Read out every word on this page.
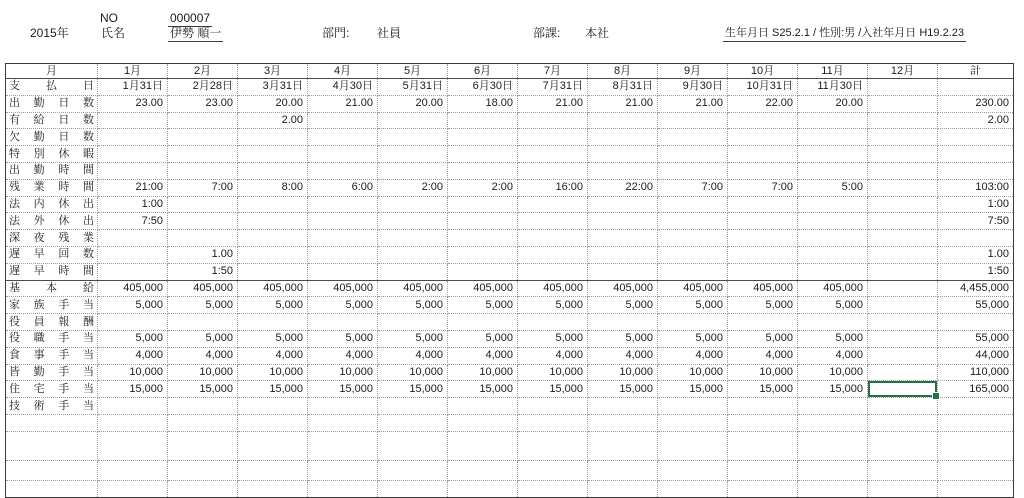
2015年
NO	000007
氏名	伊勢 順一	部門: 社員	部課: 本社	生年月日 S25.2.1 / 性別:男 /入社年月日 H19.2.23
月	1月	2月	3月	4月	5月	6月	7月	8月	9月	10月	11月	12月	計
支 払 日	1月31日	2月28日	3月31日	4月30日	5月31日	6月30日	7月31日	8月31日	9月30日	10月31日	11月30日		
出 勤 日 数	23.00	23.00	20.00	21.00	20.00	18.00	21.00	21.00	21.00	22.00	20.00		230.00
有 給 日 数			2.00										2.00
欠 勤 日 数													
特 別 休 暇													
出 勤 時 間													
残 業 時 間	21:00	7:00	8:00	6:00	2:00	2:00	16:00	22:00	7:00	7:00	5:00		103:00
法 内 休 出	1:00												1:00
法 外 休 出	7:50												7:50
深 夜 残 業													
遅 早 回 数		1.00											1.00
遅 早 時 間		1:50											1:50
基 本 給	405,000	405,000	405,000	405,000	405,000	405,000	405,000	405,000	405,000	405,000	405,000		4,455,000
家 族 手 当	5,000	5,000	5,000	5,000	5,000	5,000	5,000	5,000	5,000	5,000	5,000		55,000
役 員 報 酬													
役 職 手 当	5,000	5,000	5,000	5,000	5,000	5,000	5,000	5,000	5,000	5,000	5,000		55,000
食 事 手 当	4,000	4,000	4,000	4,000	4,000	4,000	4,000	4,000	4,000	4,000	4,000		44,000
皆 勤 手 当	10,000	10,000	10,000	10,000	10,000	10,000	10,000	10,000	10,000	10,000	10,000		110,000
住 宅 手 当	15,000	15,000	15,000	15,000	15,000	15,000	15,000	15,000	15,000	15,000	15,000		165,000
技 術 手 当													
